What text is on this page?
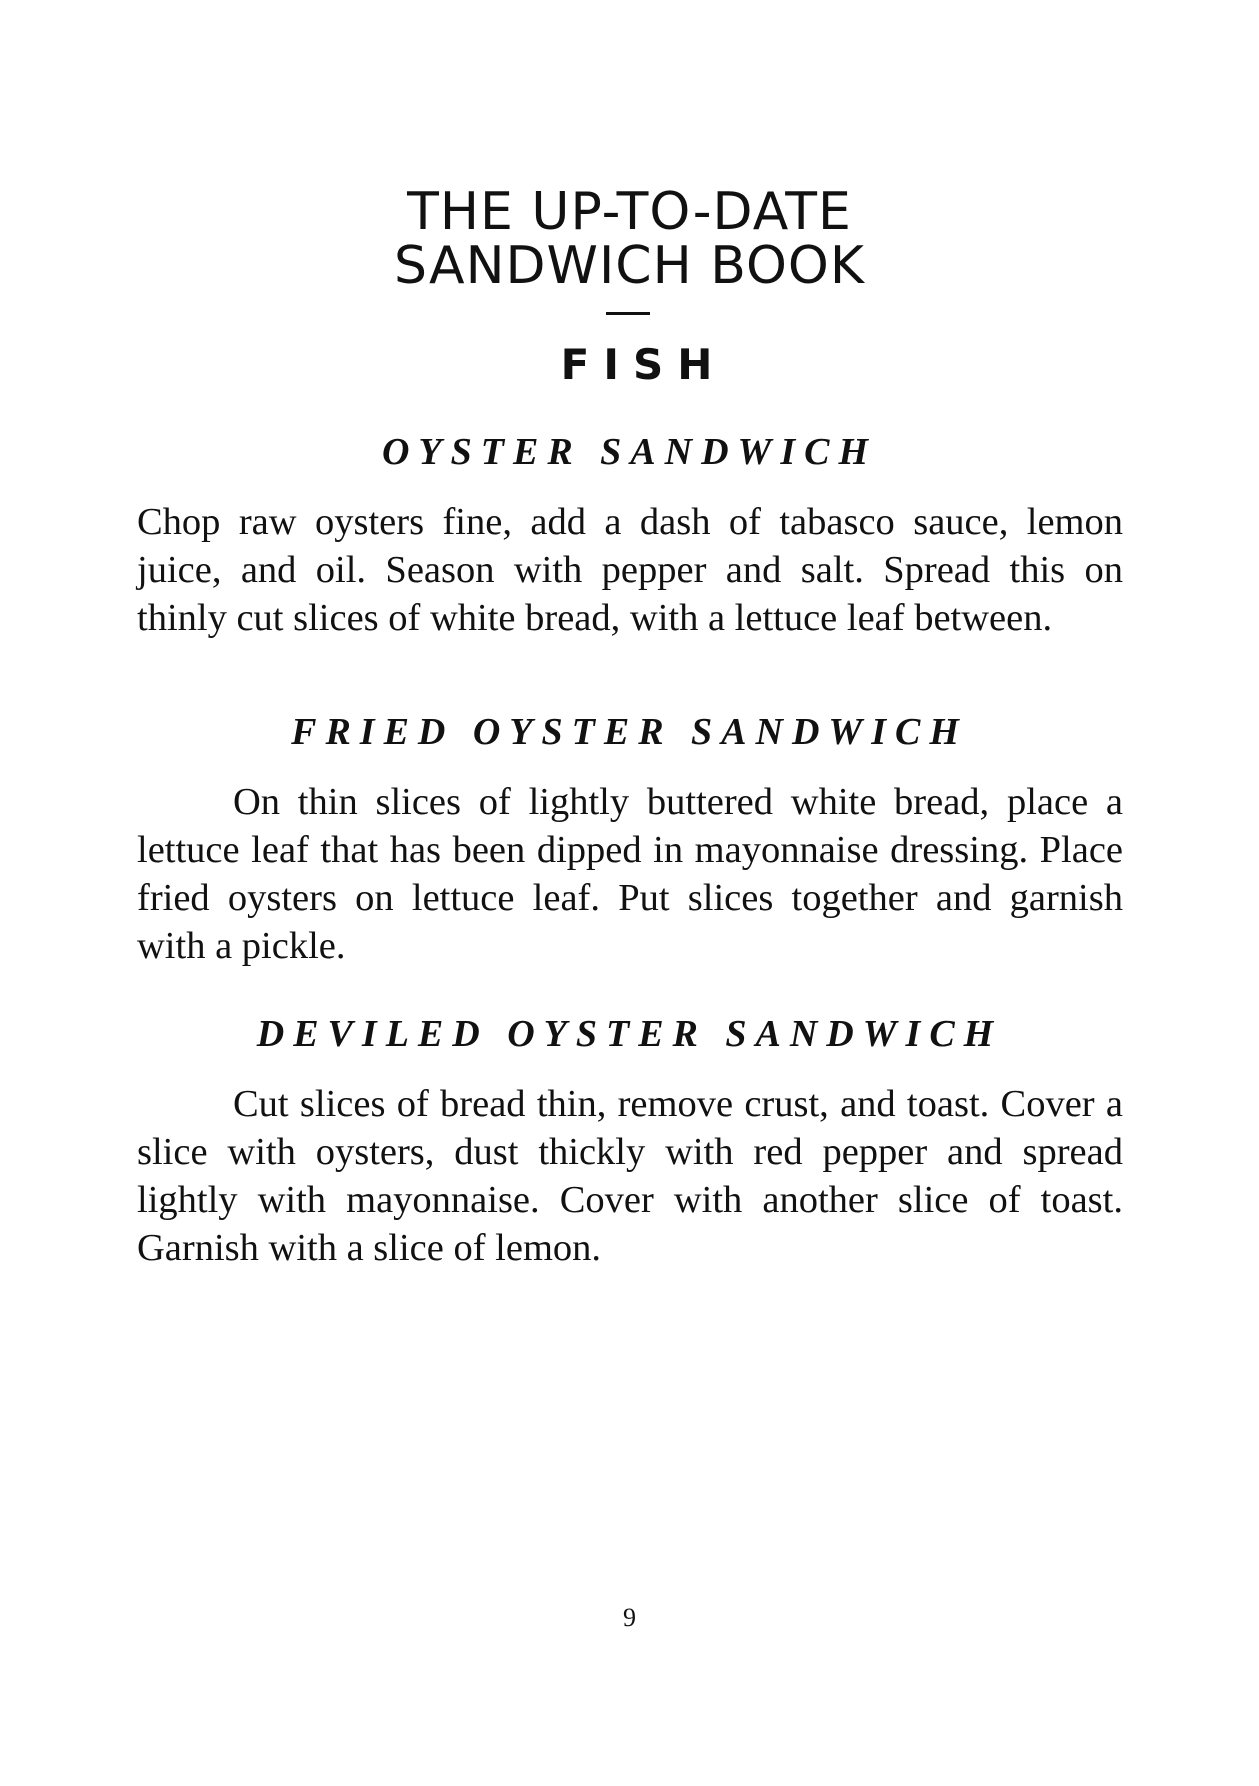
THE UP-TO-DATE
SANDWICH BOOK
FISH
OYSTER SANDWICH

Chop raw oysters fine, add a dash of tabasco sauce, lemon juice, and oil. Season with pepper and salt. Spread this on thinly cut slices of white bread, with a lettuce leaf between.

FRIED OYSTER SANDWICH

On thin slices of lightly buttered white bread, place a lettuce leaf that has been dipped in mayonnaise dressing. Place fried oysters on lettuce leaf. Put slices together and garnish with a pickle.

DEVILED OYSTER SANDWICH

Cut slices of bread thin, remove crust, and toast. Cover a slice with oysters, dust thickly with red pepper and spread lightly with mayonnaise. Cover with another slice of toast. Garnish with a slice of lemon.

9
